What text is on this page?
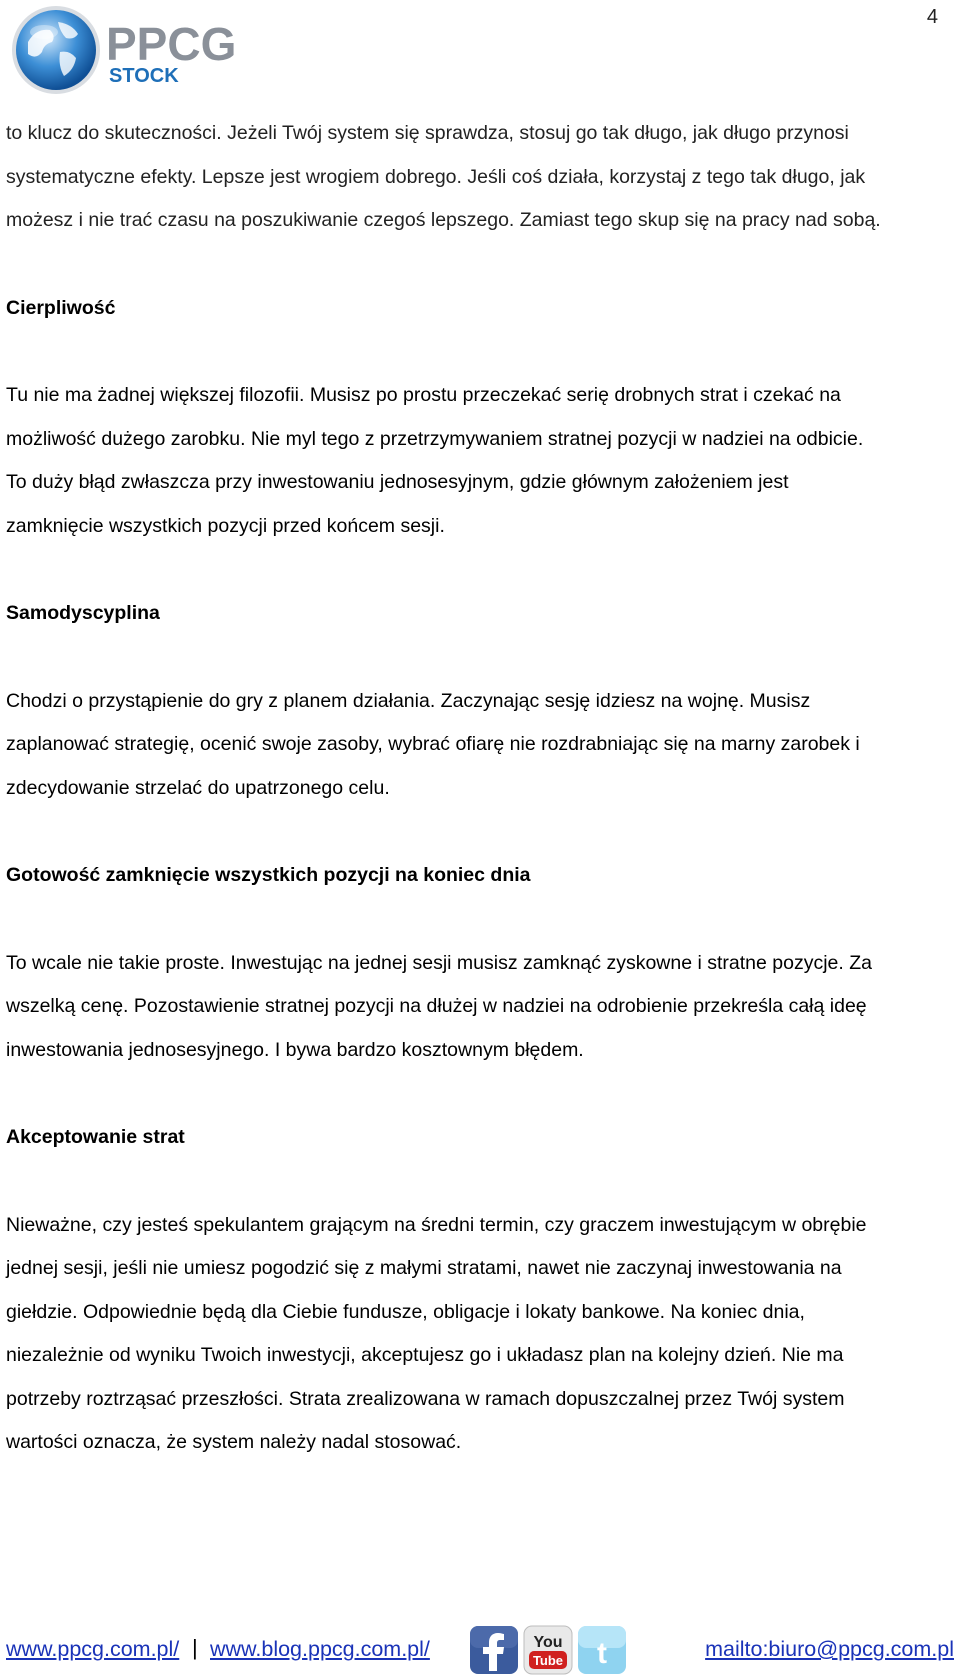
4
PPCG
STOCK

to klucz do skuteczności. Jeżeli Twój system się sprawdza, stosuj go tak długo, jak długo przynosi
systematyczne efekty. Lepsze jest wrogiem dobrego. Jeśli coś działa, korzystaj z tego tak długo, jak
możesz i nie trać czasu na poszukiwanie czegoś lepszego. Zamiast tego skup się na pracy nad sobą.

Cierpliwość

Tu nie ma żadnej większej filozofii. Musisz po prostu przeczekać serię drobnych strat i czekać na
możliwość dużego zarobku. Nie myl tego z przetrzymywaniem stratnej pozycji w nadziei na odbicie.
To duży błąd zwłaszcza przy inwestowaniu jednosesyjnym, gdzie głównym założeniem jest
zamknięcie wszystkich pozycji przed końcem sesji.

Samodyscyplina

Chodzi o przystąpienie do gry z planem działania. Zaczynając sesję idziesz na wojnę. Musisz
zaplanować strategię, ocenić swoje zasoby, wybrać ofiarę nie rozdrabniając się na marny zarobek i
zdecydowanie strzelać do upatrzonego celu.

Gotowość zamknięcie wszystkich pozycji na koniec dnia

To wcale nie takie proste. Inwestując na jednej sesji musisz zamknąć zyskowne i stratne pozycje. Za
wszelką cenę. Pozostawienie stratnej pozycji na dłużej w nadziei na odrobienie przekreśla całą ideę
inwestowania jednosesyjnego. I bywa bardzo kosztownym błędem.

Akceptowanie strat

Nieważne, czy jesteś spekulantem grającym na średni termin, czy graczem inwestującym w obrębie
jednej sesji, jeśli nie umiesz pogodzić się z małymi stratami, nawet nie zaczynaj inwestowania na
giełdzie. Odpowiednie będą dla Ciebie fundusze, obligacje i lokaty bankowe. Na koniec dnia,
niezależnie od wyniku Twoich inwestycji, akceptujesz go i układasz plan na kolejny dzień. Nie ma
potrzeby roztrząsać przeszłości. Strata zrealizowana w ramach dopuszczalnej przez Twój system
wartości oznacza, że system należy nadal stosować.

www.ppcg.com.pl/ | www.blog.ppcg.com.pl/	You
Tube t	mailto:biuro@ppcg.com.pl
